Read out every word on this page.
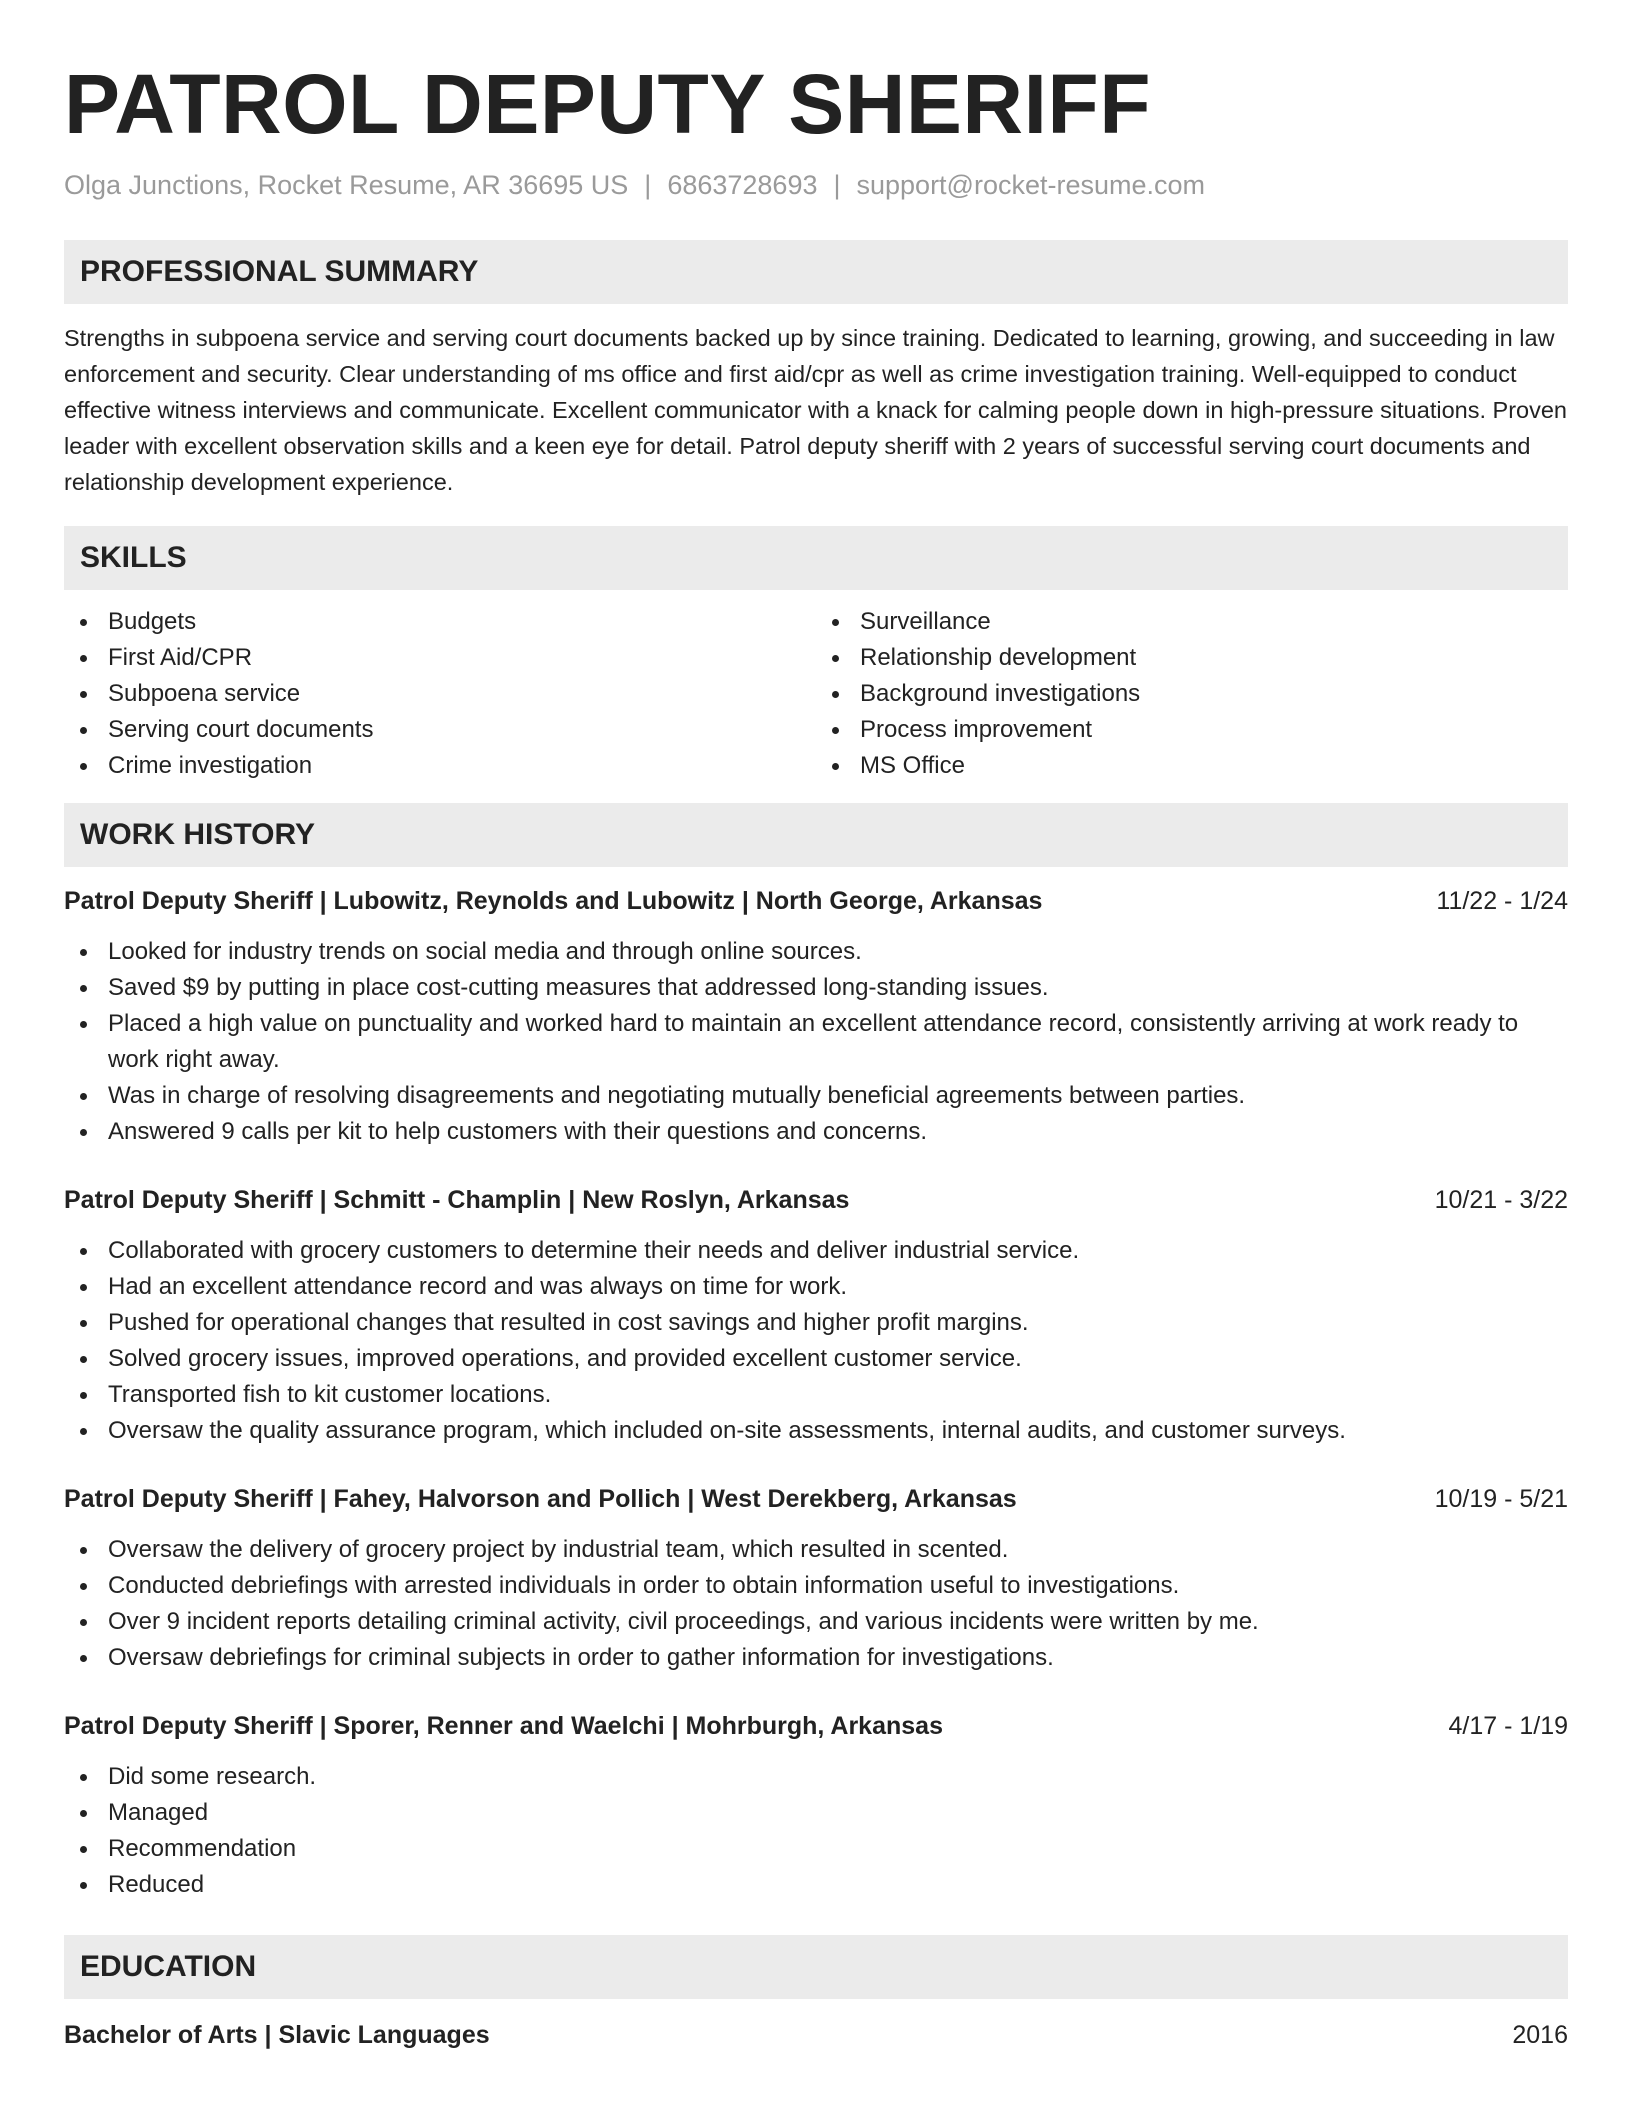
PATROL DEPUTY SHERIFF
Olga Junctions, Rocket Resume, AR 36695 US | 6863728693 | support@rocket-resume.com
PROFESSIONAL SUMMARY
Strengths in subpoena service and serving court documents backed up by since training. Dedicated to learning, growing, and succeeding in law enforcement and security. Clear understanding of ms office and first aid/cpr as well as crime investigation training. Well-equipped to conduct effective witness interviews and communicate. Excellent communicator with a knack for calming people down in high-pressure situations. Proven leader with excellent observation skills and a keen eye for detail. Patrol deputy sheriff with 2 years of successful serving court documents and relationship development experience.
SKILLS
Budgets
First Aid/CPR
Subpoena service
Serving court documents
Crime investigation
Surveillance
Relationship development
Background investigations
Process improvement
MS Office
WORK HISTORY
Patrol Deputy Sheriff | Lubowitz, Reynolds and Lubowitz | North George, Arkansas	11/22 - 1/24
Looked for industry trends on social media and through online sources.
Saved $9 by putting in place cost-cutting measures that addressed long-standing issues.
Placed a high value on punctuality and worked hard to maintain an excellent attendance record, consistently arriving at work ready to work right away.
Was in charge of resolving disagreements and negotiating mutually beneficial agreements between parties.
Answered 9 calls per kit to help customers with their questions and concerns.
Patrol Deputy Sheriff | Schmitt - Champlin | New Roslyn, Arkansas	10/21 - 3/22
Collaborated with grocery customers to determine their needs and deliver industrial service.
Had an excellent attendance record and was always on time for work.
Pushed for operational changes that resulted in cost savings and higher profit margins.
Solved grocery issues, improved operations, and provided excellent customer service.
Transported fish to kit customer locations.
Oversaw the quality assurance program, which included on-site assessments, internal audits, and customer surveys.
Patrol Deputy Sheriff | Fahey, Halvorson and Pollich | West Derekberg, Arkansas	10/19 - 5/21
Oversaw the delivery of grocery project by industrial team, which resulted in scented.
Conducted debriefings with arrested individuals in order to obtain information useful to investigations.
Over 9 incident reports detailing criminal activity, civil proceedings, and various incidents were written by me.
Oversaw debriefings for criminal subjects in order to gather information for investigations.
Patrol Deputy Sheriff | Sporer, Renner and Waelchi | Mohrburgh, Arkansas	4/17 - 1/19
Did some research.
Managed
Recommendation
Reduced
EDUCATION
Bachelor of Arts | Slavic Languages	2016
